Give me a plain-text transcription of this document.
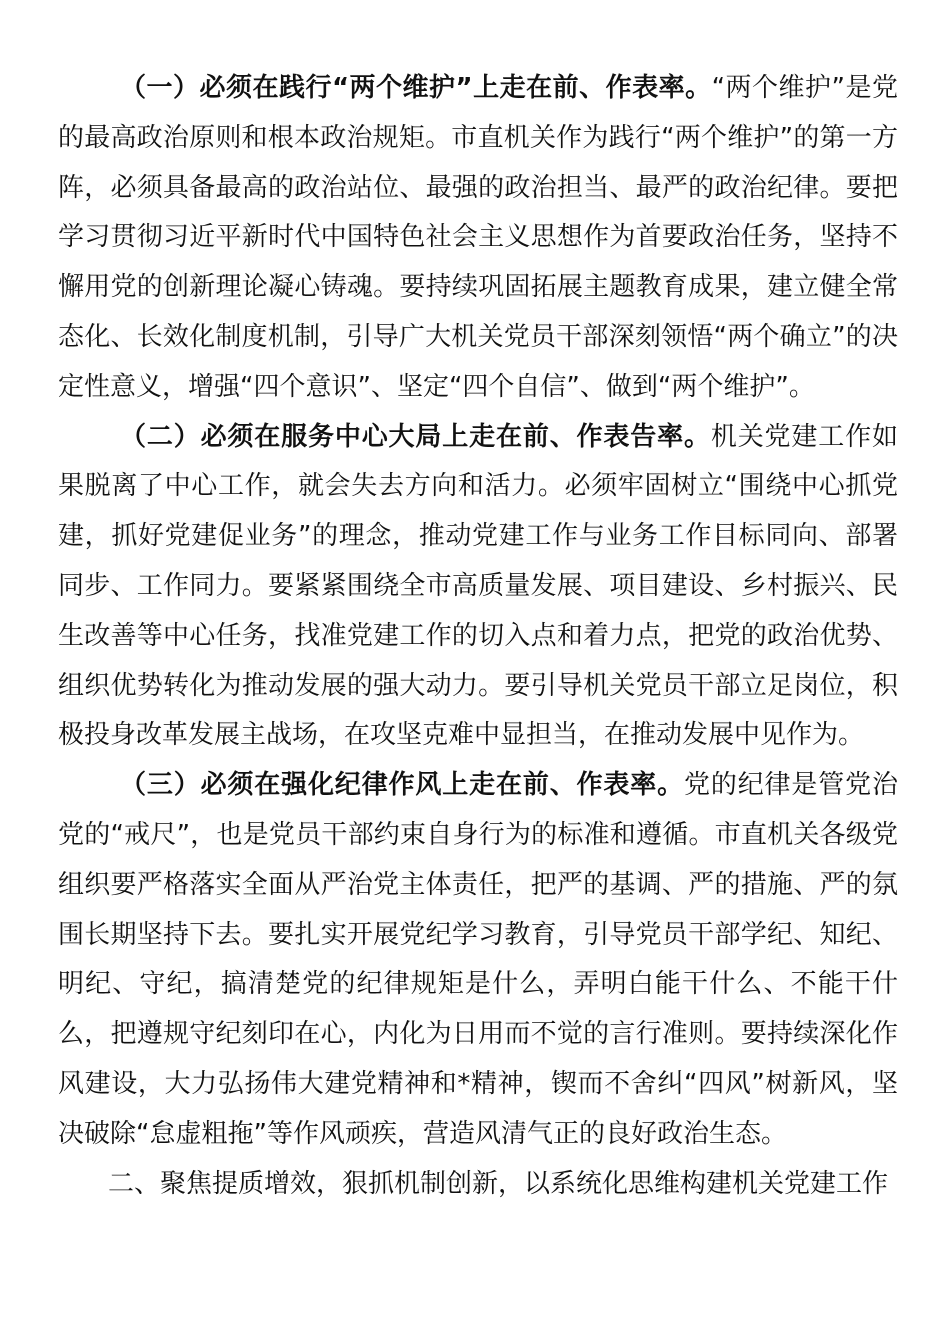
（一）必须在践行“两个维护”上走在前、作表率。“两个维护”是党的最高政治原则和根本政治规矩。市直机关作为践行“两个维护”的第一方阵，必须具备最高的政治站位、最强的政治担当、最严的政治纪律。要把学习贯彻习近平新时代中国特色社会主义思想作为首要政治任务，坚持不懈用党的创新理论凝心铸魂。要持续巩固拓展主题教育成果，建立健全常态化、长效化制度机制，引导广大机关党员干部深刻领悟“两个确立”的决定性意义，增强“四个意识”、坚定“四个自信”、做到“两个维护”。

（二）必须在服务中心大局上走在前、作表告率。机关党建工作如果脱离了中心工作，就会失去方向和活力。必须牢固树立“围绕中心抓党建，抓好党建促业务”的理念，推动党建工作与业务工作目标同向、部署同步、工作同力。要紧紧围绕全市高质量发展、项目建设、乡村振兴、民生改善等中心任务，找准党建工作的切入点和着力点，把党的政治优势、组织优势转化为推动发展的强大动力。要引导机关党员干部立足岗位，积极投身改革发展主战场，在攻坚克难中显担当，在推动发展中见作为。

（三）必须在强化纪律作风上走在前、作表率。党的纪律是管党治党的“戒尺”，也是党员干部约束自身行为的标准和遵循。市直机关各级党组织要严格落实全面从严治党主体责任，把严的基调、严的措施、严的氛围长期坚持下去。要扎实开展党纪学习教育，引导党员干部学纪、知纪、明纪、守纪，搞清楚党的纪律规矩是什么，弄明白能干什么、不能干什么，把遵规守纪刻印在心，内化为日用而不觉的言行准则。要持续深化作风建设，大力弘扬伟大建党精神和*精神，锲而不舍纠“四风”树新风，坚决破除“怠虚粗拖”等作风顽疾，营造风清气正的良好政治生态。

二、聚焦提质增效，狠抓机制创新，以系统化思维构建机关党建工作
